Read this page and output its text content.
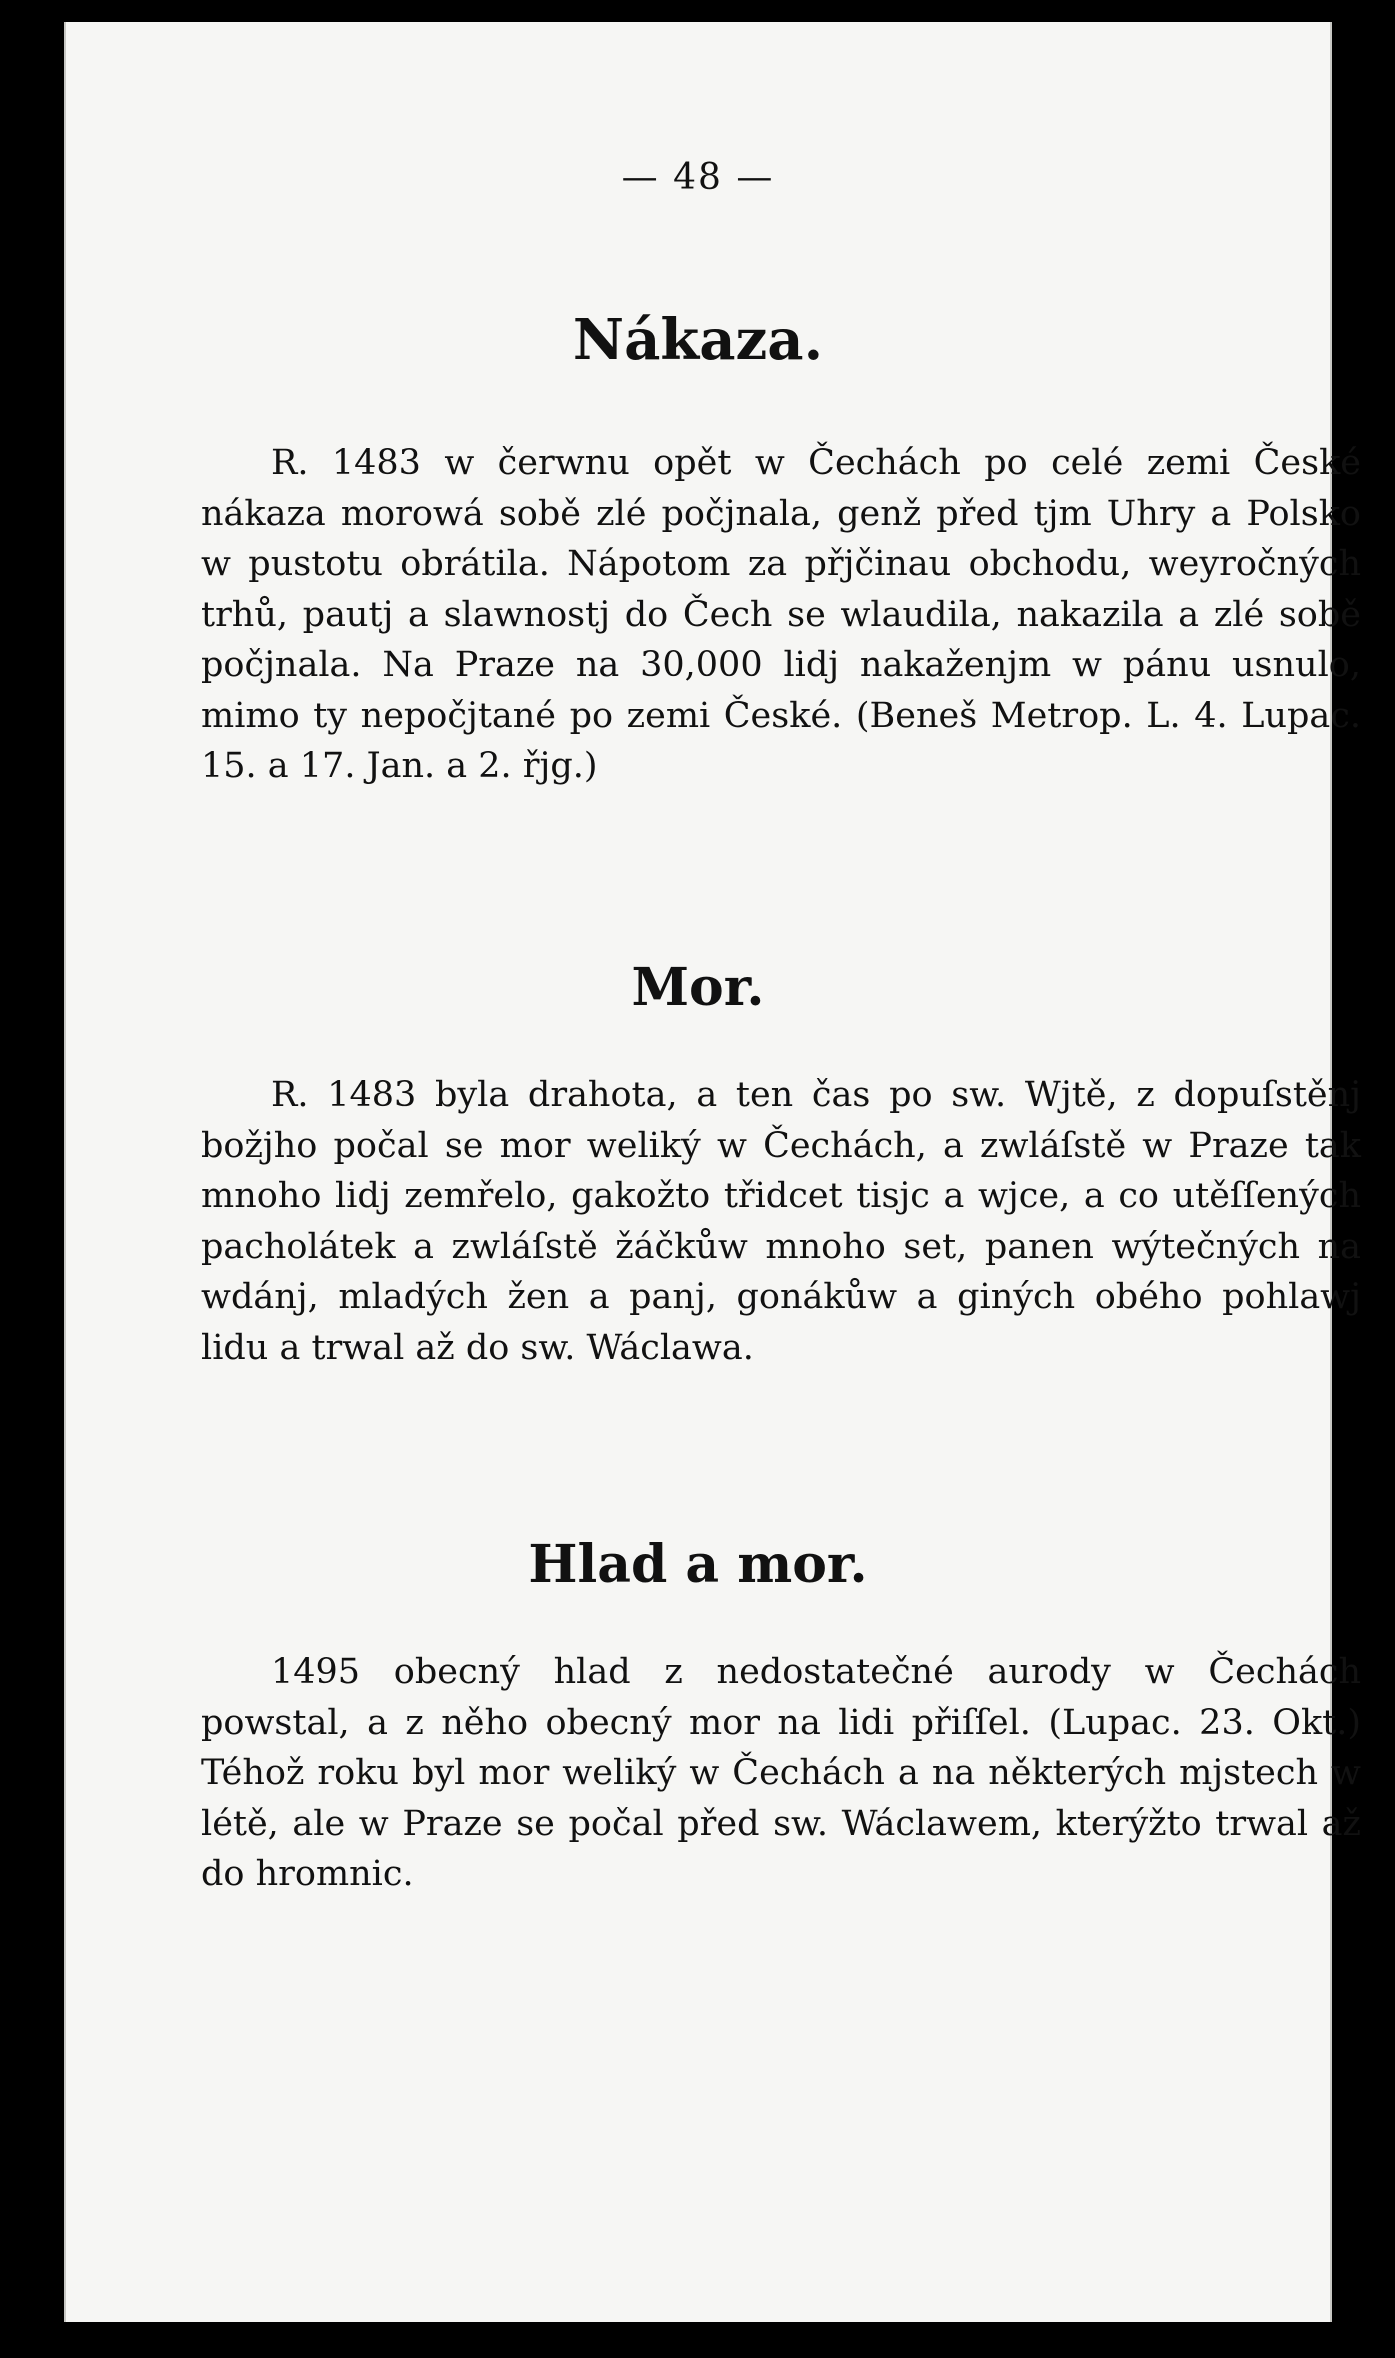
— 48 —
Nákaza.

R. 1483 w čerwnu opět w Čechách po celé zemi České nákaza morowá sobě zlé počjnala, genž před tjm Uhry a Polsko w pustotu obrátila. Nápotom za přjčinau obchodu, weyročných trhů, pautj a slawnostj do Čech se wlaudila, nakazila a zlé sobě počjnala. Na Praze na 30,000 lidj nakaženjm w pánu usnulo, mimo ty nepočjtané po zemi České. (Beneš Metrop. L. 4. Lupac. 15. a 17. Jan. a 2. řjg.)

Mor.

R. 1483 byla drahota, a ten čas po sw. Wjtě, z dopuſstěnj božjho počal se mor weliký w Čechách, a zwláſstě w Praze tak mnoho lidj zemřelo, gakožto třidcet tisjc a wjce, a co utěſſených pacholátek a zwláſstě žáčkůw mnoho set, panen wýtečných na wdánj, mladých žen a panj, gonákůw a giných obého pohlawj lidu a trwal až do sw. Wáclawa.

Hlad a mor.

1495 obecný hlad z nedostatečné aurody w Čechách powstal, a z něho obecný mor na lidi přiſſel. (Lupac. 23. Okt.) Téhož roku byl mor weliký w Čechách a na některých mjstech w létě, ale w Praze se počal před sw. Wáclawem, kterýžto trwal až do hromnic.
